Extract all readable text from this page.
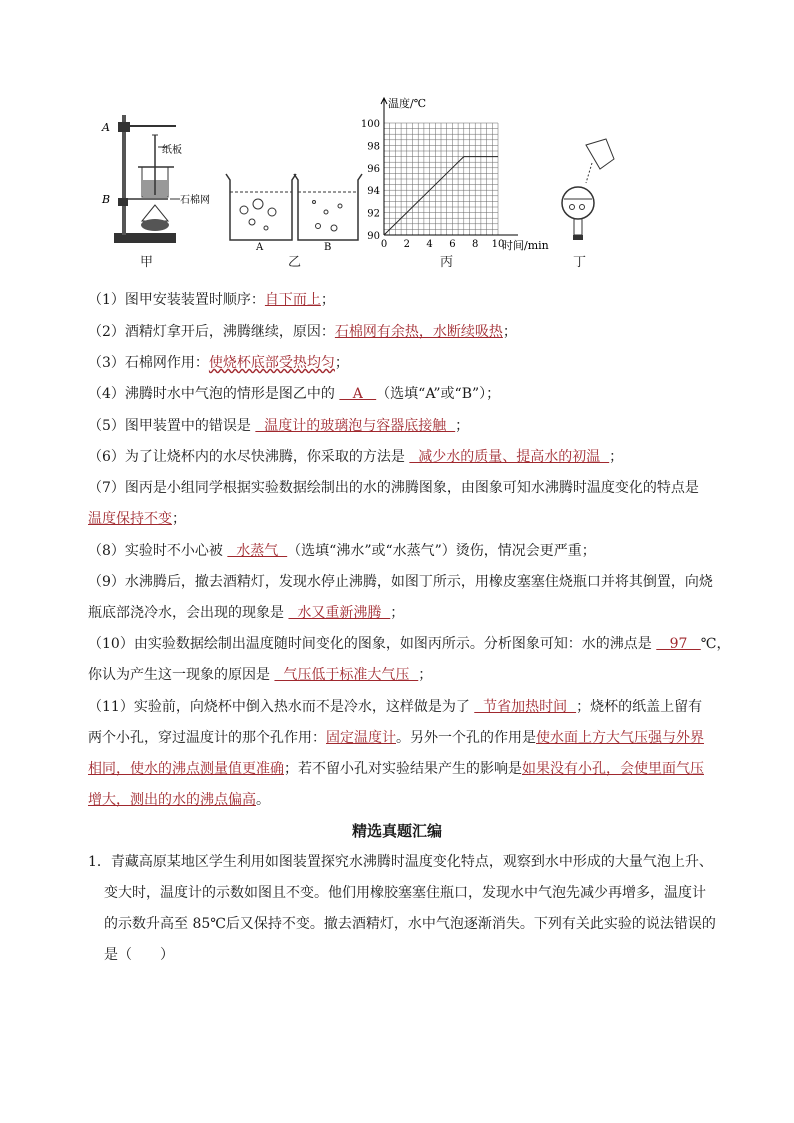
A
B
纸板
石棉网
甲
A	B
乙
90
92
94
96
98
100
0 2 4 6 8 10
温度/℃
时间/min
丙	丁
（1）图甲安装装置时顺序：自下而上；
（2）酒精灯拿开后，沸腾继续，原因：石棉网有余热，水断续吸热；
（3）石棉网作用：使烧杯底部受热均匀；
（4）沸腾时水中气泡的情形是图乙中的    A   （选填“A”或“B”）；
（5）图甲装置中的错误是   温度计的玻璃泡与容器底接触  ；
（6）为了让烧杯内的水尽快沸腾，你采取的方法是   减少水的质量、提高水的初温  ；
（7）图丙是小组同学根据实验数据绘制出的水的沸腾图象，由图象可知水沸腾时温度变化的特点是
温度保持不变；
（8）实验时不小心被   水蒸气  （选填“沸水”或“水蒸气”）烫伤，情况会更严重；
（9）水沸腾后，撤去酒精灯，发现水停止沸腾，如图丁所示，用橡皮塞塞住烧瓶口并将其倒置，向烧
瓶底部浇冷水，会出现的现象是   水又重新沸腾  ；
（10）由实验数据绘制出温度随时间变化的图象，如图丙所示。分析图象可知：水的沸点是    97   ℃，
你认为产生这一现象的原因是   气压低于标准大气压  ；
（11）实验前，向烧杯中倒入热水而不是冷水，这样做是为了   节省加热时间  ；烧杯的纸盖上留有
两个小孔，穿过温度计的那个孔作用：固定温度计。另外一个孔的作用是使水面上方大气压强与外界
相同，使水的沸点测量值更准确；若不留小孔对实验结果产生的影响是如果没有小孔，会使里面气压
增大，测出的水的沸点偏高。
精选真题汇编
1．青藏高原某地区学生利用如图装置探究水沸腾时温度变化特点，观察到水中形成的大量气泡上升、
变大时，温度计的示数如图且不变。他们用橡胶塞塞住瓶口，发现水中气泡先减少再增多，温度计
的示数升高至 85℃后又保持不变。撤去酒精灯，水中气泡逐渐消失。下列有关此实验的说法错误的
是（　　）
